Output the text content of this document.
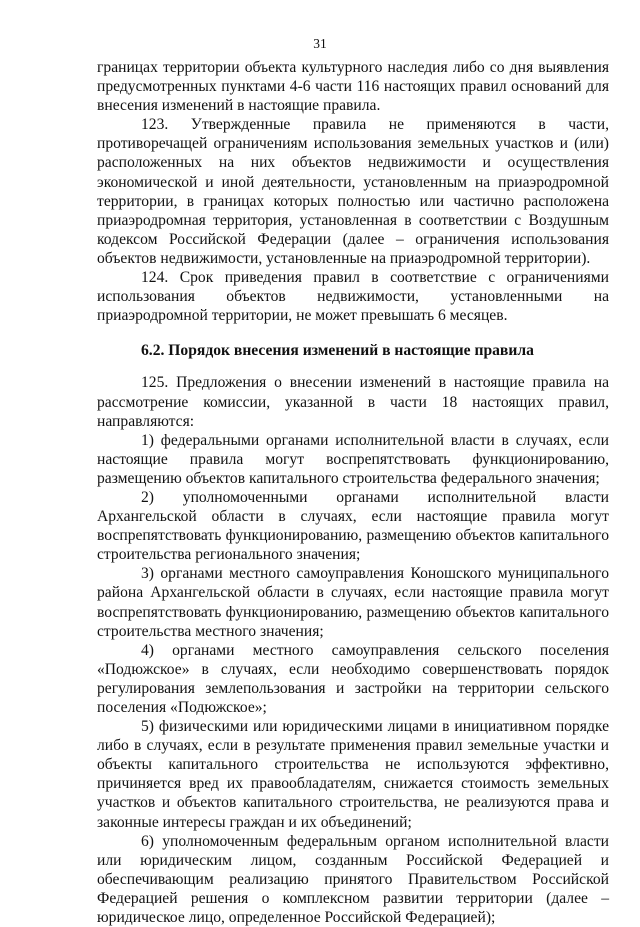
31

границах территории объекта культурного наследия либо со дня выявления предусмотренных пунктами 4-6 части 116 настоящих правил оснований для внесения изменений в настоящие правила.

123. Утвержденные правила не применяются в части, противоречащей ограничениям использования земельных участков и (или) расположенных на них объектов недвижимости и осуществления экономической и иной деятельности, установленным на приаэродромной территории, в границах которых полностью или частично расположена приаэродромная территория, установленная в соответствии с Воздушным кодексом Российской Федерации (далее – ограничения использования объектов недвижимости, установленные на приаэродромной территории).

124. Срок приведения правил в соответствие с ограничениями использования объектов недвижимости, установленными на приаэродромной территории, не может превышать 6 месяцев.

6.2. Порядок внесения изменений в настоящие правила

125. Предложения о внесении изменений в настоящие правила на рассмотрение комиссии, указанной в части 18 настоящих правил, направляются:

1) федеральными органами исполнительной власти в случаях, если настоящие правила могут воспрепятствовать функционированию, размещению объектов капитального строительства федерального значения;

2) уполномоченными органами исполнительной власти Архангельской области в случаях, если настоящие правила могут воспрепятствовать функционированию, размещению объектов капитального строительства регионального значения;

3) органами местного самоуправления Коношского муниципального района Архангельской области в случаях, если настоящие правила могут воспрепятствовать функционированию, размещению объектов капитального строительства местного значения;

4) органами местного самоуправления сельского поселения «Подюжское» в случаях, если необходимо совершенствовать порядок регулирования землепользования и застройки на территории сельского поселения «Подюжское»;

5) физическими или юридическими лицами в инициативном порядке либо в случаях, если в результате применения правил земельные участки и объекты капитального строительства не используются эффективно, причиняется вред их правообладателям, снижается стоимость земельных участков и объектов капитального строительства, не реализуются права и законные интересы граждан и их объединений;

6) уполномоченным федеральным органом исполнительной власти или юридическим лицом, созданным Российской Федерацией и обеспечивающим реализацию принятого Правительством Российской Федерацией решения о комплексном развитии территории (далее – юридическое лицо, определенное Российской Федерацией);
